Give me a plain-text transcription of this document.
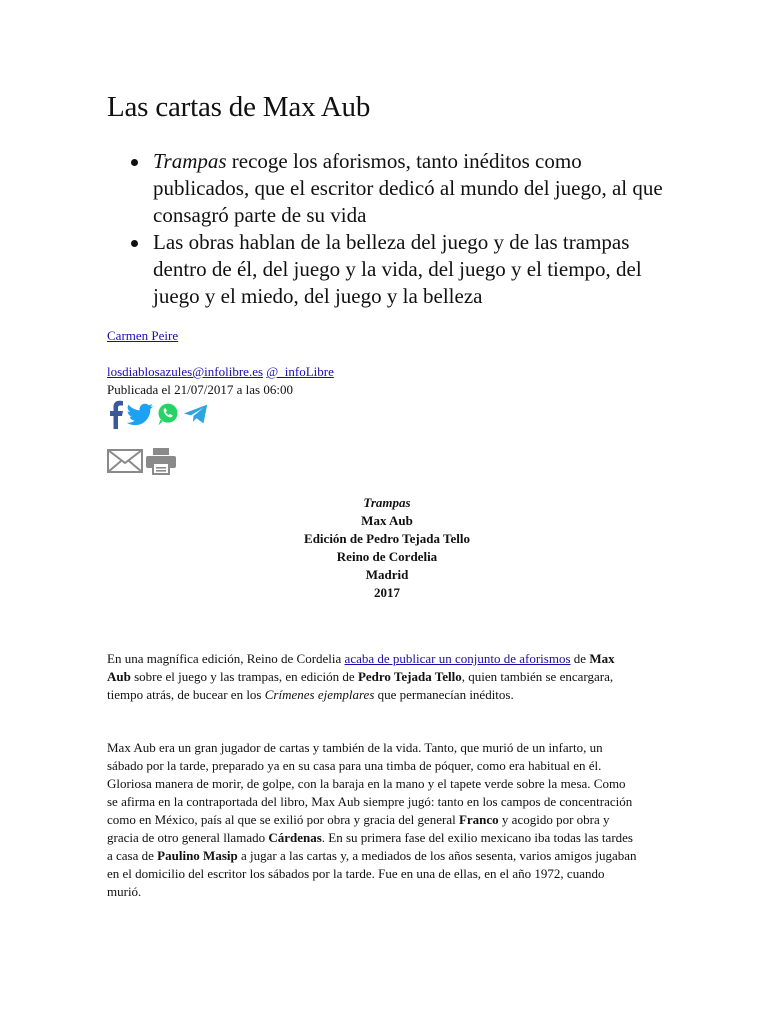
Las cartas de Max Aub
Trampas recoge los aforismos, tanto inéditos como publicados, que el escritor dedicó al mundo del juego, al que consagró parte de su vida
Las obras hablan de la belleza del juego y de las trampas dentro de él, del juego y la vida, del juego y el tiempo, del juego y el miedo, del juego y la belleza
Carmen Peire
losdiablosazules@infolibre.es @_infoLibre
Publicada el 21/07/2017 a las 06:00
Trampas
Max Aub
Edición de Pedro Tejada Tello
Reino de Cordelia
Madrid
2017

En una magnífica edición, Reino de Cordelia acaba de publicar un conjunto de aforismos de Max Aub sobre el juego y las trampas, en edición de Pedro Tejada Tello, quien también se encargara, tiempo atrás, de bucear en los Crímenes ejemplares que permanecían inéditos.

Max Aub era un gran jugador de cartas y también de la vida. Tanto, que murió de un infarto, un sábado por la tarde, preparado ya en su casa para una timba de póquer, como era habitual en él. Gloriosa manera de morir, de golpe, con la baraja en la mano y el tapete verde sobre la mesa. Como se afirma en la contraportada del libro, Max Aub siempre jugó: tanto en los campos de concentración como en México, país al que se exilió por obra y gracia del general Franco y acogido por obra y gracia de otro general llamado Cárdenas. En su primera fase del exilio mexicano iba todas las tardes a casa de Paulino Masip a jugar a las cartas y, a mediados de los años sesenta, varios amigos jugaban en el domicilio del escritor los sábados por la tarde. Fue en una de ellas, en el año 1972, cuando murió.
